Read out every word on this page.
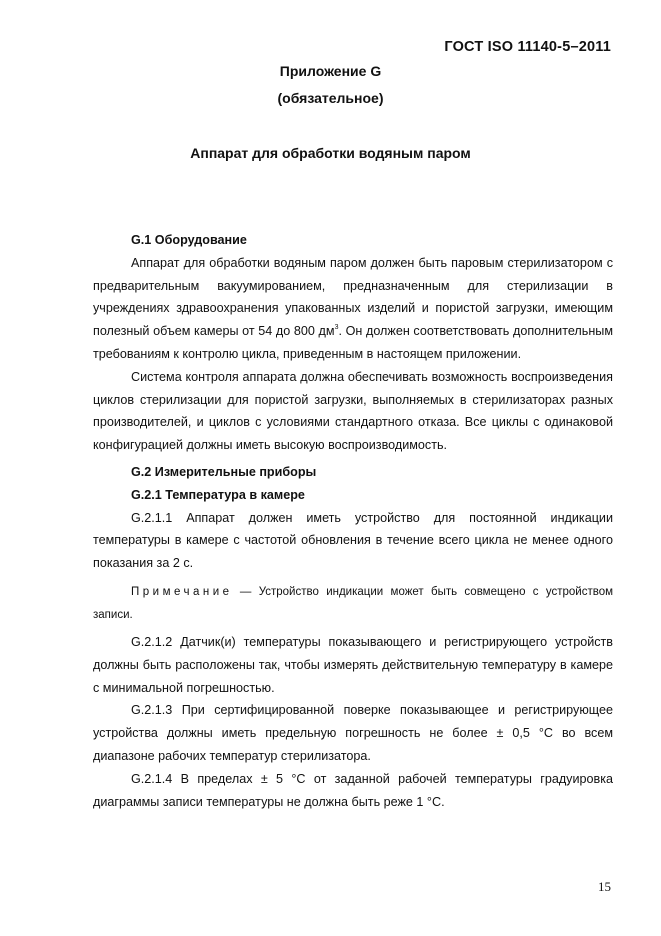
ГОСТ ISO 11140-5–2011
Приложение G
(обязательное)
Аппарат для обработки водяным паром

G.1 Оборудование

Аппарат для обработки водяным паром должен быть паровым стерилизатором с предварительным вакуумированием, предназначенным для стерилизации в учреждениях здравоохранения упакованных изделий и пористой загрузки, имеющим полезный объем камеры от 54 до 800 $дм^3$. Он должен соответствовать дополнительным требованиям к контролю цикла, приведенным в настоящем приложении.

Система контроля аппарата должна обеспечивать возможность воспроизведения циклов стерилизации для пористой загрузки, выполняемых в стерилизаторах разных производителей, и циклов с условиями стандартного отказа. Все циклы с одинаковой конфигурацией должны иметь высокую воспроизводимость.

G.2 Измерительные приборы

G.2.1 Температура в камере

G.2.1.1 Аппарат должен иметь устройство для постоянной индикации температуры в камере с частотой обновления в течение всего цикла не менее одного показания за 2 с.

Примечание — Устройство индикации может быть совмещено с устройством записи.

G.2.1.2 Датчик(и) температуры показывающего и регистрирующего устройств должны быть расположены так, чтобы измерять действительную температуру в камере с минимальной погрешностью.

G.2.1.3 При сертифицированной поверке показывающее и регистрирующее устройства должны иметь предельную погрешность не более ± 0,5 °С во всем диапазоне рабочих температур стерилизатора.

G.2.1.4 В пределах ± 5 °С от заданной рабочей температуры градуировка диаграммы записи температуры не должна быть реже 1 °С.

15
